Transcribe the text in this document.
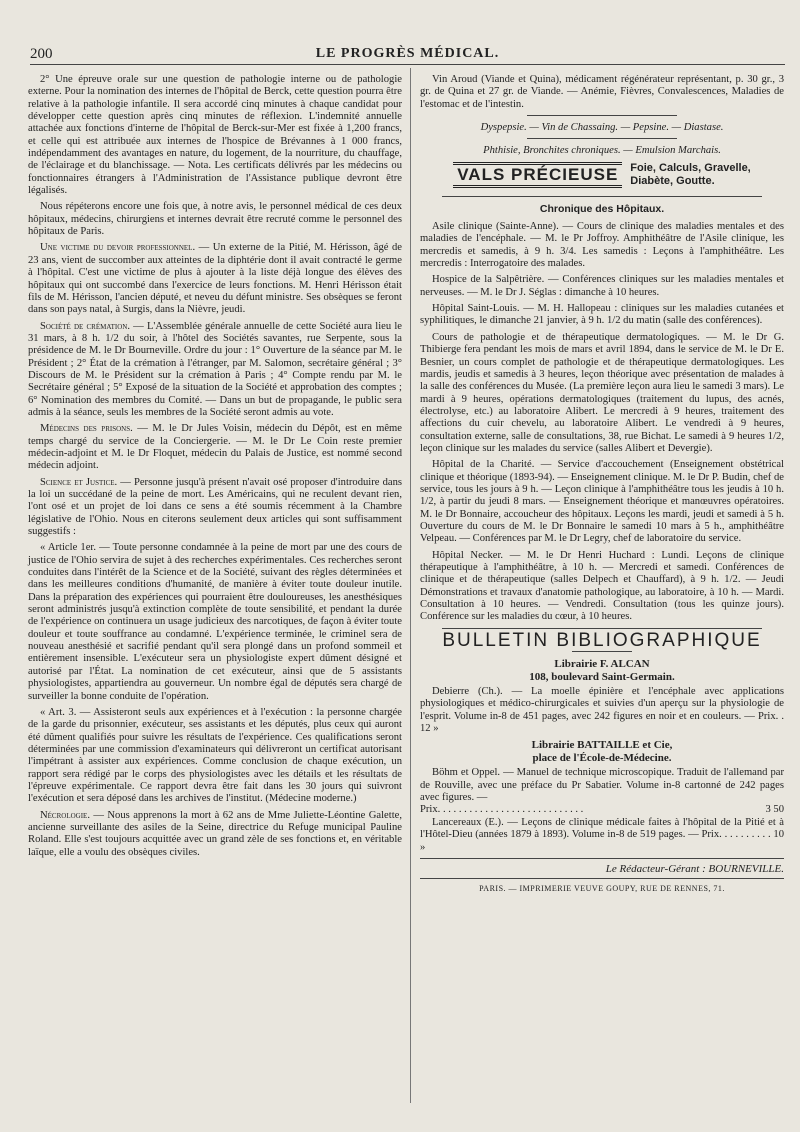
200	LE PROGRÈS MÉDICAL.

2° Une épreuve orale sur une question de pathologie interne ou de pathologie externe. Pour la nomination des internes de l'hôpital de Berck, cette question pourra être relative à la pathologie infantile. Il sera accordé cinq minutes à chaque candidat pour développer cette question après cinq minutes de réflexion. L'indemnité annuelle attachée aux fonctions d'interne de l'hôpital de Berck-sur-Mer est fixée à 1,200 francs, et celle qui est attribuée aux internes de l'hospice de Brévannes à 1 000 francs, indépendamment des avantages en nature, du logement, de la nourriture, du chauffage, de l'éclairage et du blanchissage. — Nota. Les certificats délivrés par les médecins ou fonctionnaires étrangers à l'Administration de l'Assistance publique devront être légalisés.

Nous répéterons encore une fois que, à notre avis, le personnel médical de ces deux hôpitaux, médecins, chirurgiens et internes devrait être recruté comme le personnel des hôpitaux de Paris.

Une victime du devoir professionnel. — Un externe de la Pitié, M. Hérisson, âgé de 23 ans, vient de succomber aux atteintes de la diphtérie dont il avait contracté le germe à l'hôpital. C'est une victime de plus à ajouter à la liste déjà longue des élèves des hôpitaux qui ont succombé dans l'exercice de leurs fonctions. M. Henri Hérisson était fils de M. Hérisson, l'ancien député, et neveu du défunt ministre. Ses obsèques se feront dans son pays natal, à Surgis, dans la Nièvre, jeudi.

Société de crémation. — L'Assemblée générale annuelle de cette Société aura lieu le 31 mars, à 8 h. 1/2 du soir, à l'hôtel des Sociétés savantes, rue Serpente, sous la présidence de M. le Dr Bourneville. Ordre du jour : 1° Ouverture de la séance par M. le Président ; 2° État de la crémation à l'étranger, par M. Salomon, secrétaire général ; 3° Discours de M. le Président sur la crémation à Paris ; 4° Compte rendu par M. le Secrétaire général ; 5° Exposé de la situation de la Société et approbation des comptes ; 6° Nomination des membres du Comité. — Dans un but de propagande, le public sera admis à la séance, seuls les membres de la Société seront admis au vote.

Médecins des prisons. — M. le Dr Jules Voisin, médecin du Dépôt, est en même temps chargé du service de la Conciergerie. — M. le Dr Le Coin reste premier médecin-adjoint et M. le Dr Floquet, médecin du Palais de Justice, est nommé second médecin adjoint.

Science et Justice. — Personne jusqu'à présent n'avait osé proposer d'introduire dans la loi un succédané de la peine de mort. Les Américains, qui ne reculent devant rien, l'ont osé et un projet de loi dans ce sens a été soumis récemment à la Chambre législative de l'Ohio. Nous en citerons seulement deux articles qui sont suffisamment suggestifs :

« Article 1er. — Toute personne condamnée à la peine de mort par une des cours de justice de l'Ohio servira de sujet à des recherches expérimentales. Ces recherches seront conduites dans l'intérêt de la Science et de la Société, suivant des règles déterminées et dans les meilleures conditions d'humanité, de manière à éviter toute douleur inutile. Dans la préparation des expériences qui pourraient être douloureuses, les anesthésiques seront administrés jusqu'à extinction complète de toute sensibilité, et pendant la durée de l'expérience on continuera un usage judicieux des narcotiques, de façon à éviter toute douleur et toute souffrance au condamné. L'expérience terminée, le criminel sera de nouveau anesthésié et sacrifié pendant qu'il sera plongé dans un profond sommeil et entièrement insensible. L'exécuteur sera un physiologiste expert dûment désigné et autorisé par l'État. La nomination de cet exécuteur, ainsi que de 5 assistants physiologistes, appartiendra au gouverneur. Un nombre égal de députés sera chargé de surveiller la bonne conduite de l'opération.

« Art. 3. — Assisteront seuls aux expériences et à l'exécution : la personne chargée de la garde du prisonnier, exécuteur, ses assistants et les députés, plus ceux qui auront été dûment qualifiés pour suivre les résultats de l'expérience. Ces qualifications seront déterminées par une commission d'examinateurs qui délivreront un certificat autorisant l'impétrant à assister aux expériences. Comme conclusion de chaque exécution, un rapport sera rédigé par le corps des physiologistes avec les détails et les résultats de l'épreuve expérimentale. Ce rapport devra être fait dans les 30 jours qui suivront l'exécution et sera déposé dans les archives de l'institut. (Médecine moderne.)

Nécrologie. — Nous apprenons la mort à 62 ans de Mme Juliette-Léontine Galette, ancienne surveillante des asiles de la Seine, directrice du Refuge municipal Pauline Roland. Elle s'est toujours acquittée avec un grand zèle de ses fonctions et, en véritable laïque, elle a voulu des obsèques civiles.

Vin Aroud (Viande et Quina), médicament régénérateur représentant, p. 30 gr., 3 gr. de Quina et 27 gr. de Viande. — Anémie, Fièvres, Convalescences, Maladies de l'estomac et de l'intestin.

Dyspepsie. — Vin de Chassaing. — Pepsine. — Diastase.

Phthisie, Bronchites chroniques. — Emulsion Marchais.

VALS PRÉCIEUSE	Foie, Calculs, Gravelle,
Diabète, Goutte.
Chronique des Hôpitaux.

Asile clinique (Sainte-Anne). — Cours de clinique des maladies mentales et des maladies de l'encéphale. — M. le Pr Joffroy. Amphithéâtre de l'Asile clinique, les mercredis et samedis, à 9 h. 3/4. Les samedis : Leçons à l'amphithéâtre. Les mercredis : Interrogatoire des malades.

Hospice de la Salpêtrière. — Conférences cliniques sur les maladies mentales et nerveuses. — M. le Dr J. Séglas : dimanche à 10 heures.

Hôpital Saint-Louis. — M. H. Hallopeau : cliniques sur les maladies cutanées et syphilitiques, le dimanche 21 janvier, à 9 h. 1/2 du matin (salle des conférences).

Cours de pathologie et de thérapeutique dermatologiques. — M. le Dr G. Thibierge fera pendant les mois de mars et avril 1894, dans le service de M. le Dr E. Besnier, un cours complet de pathologie et de thérapeutique dermatologiques. Les mardis, jeudis et samedis à 3 heures, leçon théorique avec présentation de malades à la salle des conférences du Musée. (La première leçon aura lieu le samedi 3 mars). Le mardi à 9 heures, opérations dermatologiques (traitement du lupus, des acnés, électrolyse, etc.) au laboratoire Alibert. Le mercredi à 9 heures, traitement des affections du cuir chevelu, au laboratoire Alibert. Le vendredi à 9 heures, consultation externe, salle de consultations, 38, rue Bichat. Le samedi à 9 heures 1/2, leçon clinique sur les malades du service (salles Alibert et Devergie).

Hôpital de la Charité. — Service d'accouchement (Enseignement obstétrical clinique et théorique (1893-94). — Enseignement clinique. M. le Dr P. Budin, chef de service, tous les jours à 9 h. — Leçon clinique à l'amphithéâtre tous les jeudis à 10 h. 1/2, à partir du jeudi 8 mars. — Enseignement théorique et manœuvres opératoires. M. le Dr Bonnaire, accoucheur des hôpitaux. Leçons les mardi, jeudi et samedi à 5 h. Ouverture du cours de M. le Dr Bonnaire le samedi 10 mars à 5 h., amphithéâtre Velpeau. — Conférences par M. le Dr Legry, chef de laboratoire du service.

Hôpital Necker. — M. le Dr Henri Huchard : Lundi. Leçons de clinique thérapeutique à l'amphithéâtre, à 10 h. — Mercredi et samedi. Conférences de clinique et de thérapeutique (salles Delpech et Chauffard), à 9 h. 1/2. — Jeudi Démonstrations et travaux d'anatomie pathologique, au laboratoire, à 10 h. — Mardi. Consultation à 10 heures. — Vendredi. Consultation (tous les quinze jours). Conférence sur les maladies du cœur, à 10 heures.

BULLETIN BIBLIOGRAPHIQUE
Librairie F. ALCAN
108, boulevard Saint-Germain.

Debierre (Ch.). — La moelle épinière et l'encéphale avec applications physiologiques et médico-chirurgicales et suivies d'un aperçu sur la physiologie de l'esprit. Volume in-8 de 451 pages, avec 242 figures en noir et en couleurs. — Prix. . 12 »

Librairie BATTAILLE et Cie,
place de l'École-de-Médecine.

Böhm et Oppel. — Manuel de technique microscopique. Traduit de l'allemand par de Rouville, avec une préface du Pr Sabatier. Volume in-8 cartonné de 242 pages avec figures. —

Prix. . . . . . . . . . . . . . . . . . . . . . . . . . . .	3 50

Lancereaux (E.). — Leçons de clinique médicale faites à l'hôpital de la Pitié et à l'Hôtel-Dieu (années 1879 à 1893). Volume in-8 de 519 pages. — Prix. . . . . . . . . . 10 »

Le Rédacteur-Gérant : BOURNEVILLE.
PARIS. — IMPRIMERIE VEUVE GOUPY, RUE DE RENNES, 71.
